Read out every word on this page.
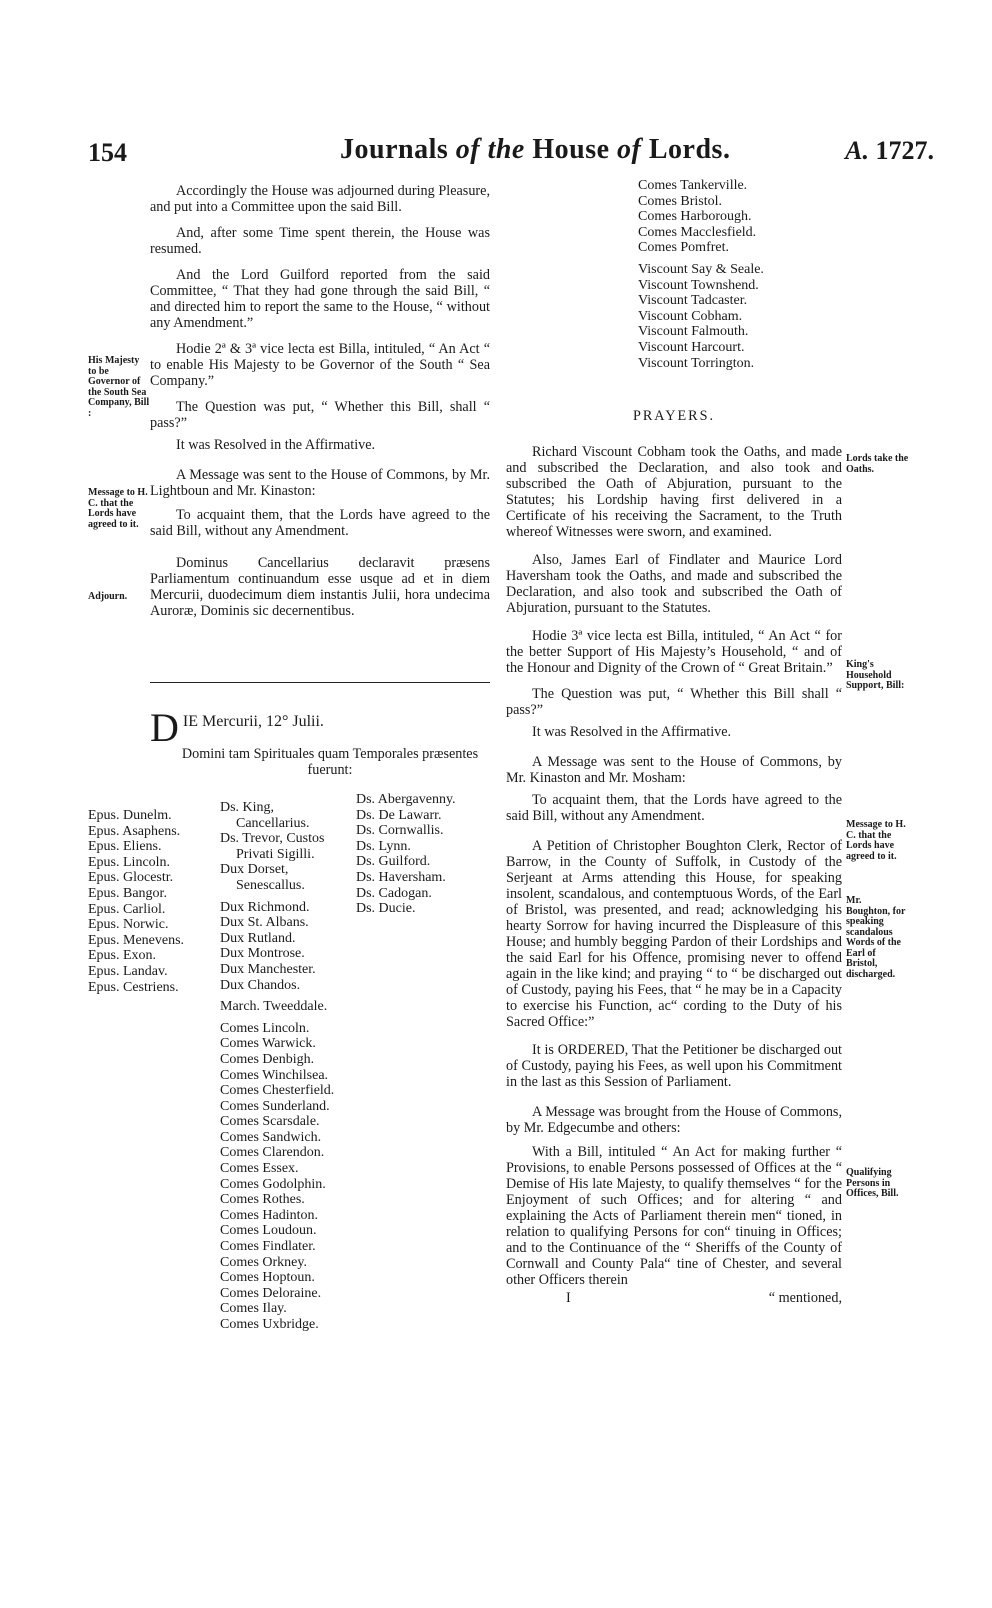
154	Journals of the House of Lords.	A. 1727.
His Majesty to be Governor of the South Sea Company, Bill :
Message to H. C. that the Lords have agreed to it.
Adjourn.

Accordingly the House was adjourned during Pleasure, and put into a Committee upon the said Bill.

And, after some Time spent therein, the House was resumed.

And the Lord Guilford reported from the said Committee, “ That they had gone through the said Bill, “ and directed him to report the same to the House, “ without any Amendment.”

Hodie 2ª & 3ª vice lecta est Billa, intituled, “ An Act “ to enable His Majesty to be Governor of the South “ Sea Company.”

The Question was put, “ Whether this Bill, shall “ pass?”

It was Resolved in the Affirmative.

A Message was sent to the House of Commons, by Mr. Lightboun and Mr. Kinaston:

To acquaint them, that the Lords have agreed to the said Bill, without any Amendment.

Dominus Cancellarius declaravit præsens Parliamentum continuandum esse usque ad et in diem Mercurii, duodecimum diem instantis Julii, hora undecima Auroræ, Dominis sic decernentibus.

DIE Mercurii, 12° Julii.

Domini tam Spirituales quam Temporales præsentes fuerunt:

Epus. Dunelm.
Epus. Asaphens.
Epus. Eliens.
Epus. Lincoln.
Epus. Glocestr.
Epus. Bangor.
Epus. Carliol.
Epus. Norwic.
Epus. Menevens.
Epus. Exon.
Epus. Landav.
Epus. Cestriens.
Ds. King,
Cancellarius.
Ds. Trevor, Custos
Privati Sigilli.
Dux Dorset,
Senescallus.
Dux Richmond.
Dux St. Albans.
Dux Rutland.
Dux Montrose.
Dux Manchester.
Dux Chandos.
March. Tweeddale.
Comes Lincoln.
Comes Warwick.
Comes Denbigh.
Comes Winchilsea.
Comes Chesterfield.
Comes Sunderland.
Comes Scarsdale.
Comes Sandwich.
Comes Clarendon.
Comes Essex.
Comes Godolphin.
Comes Rothes.
Comes Hadinton.
Comes Loudoun.
Comes Findlater.
Comes Orkney.
Comes Hoptoun.
Comes Deloraine.
Comes Ilay.
Comes Uxbridge.
Ds. Abergavenny.
Ds. De Lawarr.
Ds. Cornwallis.
Ds. Lynn.
Ds. Guilford.
Ds. Haversham.
Ds. Cadogan.
Ds. Ducie.
Comes Tankerville.
Comes Bristol.
Comes Harborough.
Comes Macclesfield.
Comes Pomfret.
Viscount Say & Seale.
Viscount Townshend.
Viscount Tadcaster.
Viscount Cobham.
Viscount Falmouth.
Viscount Harcourt.
Viscount Torrington.
Lords take the Oaths.
King's Household Support, Bill:
Message to H. C. that the Lords have agreed to it.
Mr. Boughton, for speaking scandalous Words of the Earl of Bristol, discharged.
Qualifying Persons in Offices, Bill.

PRAYERS.

Richard Viscount Cobham took the Oaths, and made and subscribed the Declaration, and also took and subscribed the Oath of Abjuration, pursuant to the Statutes; his Lordship having first delivered in a Certificate of his receiving the Sacrament, to the Truth whereof Witnesses were sworn, and examined.

Also, James Earl of Findlater and Maurice Lord Haversham took the Oaths, and made and subscribed the Declaration, and also took and subscribed the Oath of Abjuration, pursuant to the Statutes.

Hodie 3ª vice lecta est Billa, intituled, “ An Act “ for the better Support of His Majesty’s Household, “ and of the Honour and Dignity of the Crown of “ Great Britain.”

The Question was put, “ Whether this Bill shall “ pass?”

It was Resolved in the Affirmative.

A Message was sent to the House of Commons, by Mr. Kinaston and Mr. Mosham:

To acquaint them, that the Lords have agreed to the said Bill, without any Amendment.

A Petition of Christopher Boughton Clerk, Rector of Barrow, in the County of Suffolk, in Custody of the Serjeant at Arms attending this House, for speaking insolent, scandalous, and contemptuous Words, of the Earl of Bristol, was presented, and read; acknowledging his hearty Sorrow for having incurred the Displeasure of this House; and humbly begging Pardon of their Lordships and the said Earl for his Offence, promising never to offend again in the like kind; and praying “ to “ be discharged out of Custody, paying his Fees, that “ he may be in a Capacity to exercise his Function, ac“ cording to the Duty of his Sacred Office:”

It is ORDERED, That the Petitioner be discharged out of Custody, paying his Fees, as well upon his Commitment in the last as this Session of Parliament.

A Message was brought from the House of Commons, by Mr. Edgecumbe and others:

With a Bill, intituled “ An Act for making further “ Provisions, to enable Persons possessed of Offices at the “ Demise of His late Majesty, to qualify themselves “ for the Enjoyment of such Offices; and for altering “ and explaining the Acts of Parliament therein men“ tioned, in relation to qualifying Persons for con“ tinuing in Offices; and to the Continuance of the “ Sheriffs of the County of Cornwall and County Pala“ tine of Chester, and several other Officers therein

I	“ mentioned,
